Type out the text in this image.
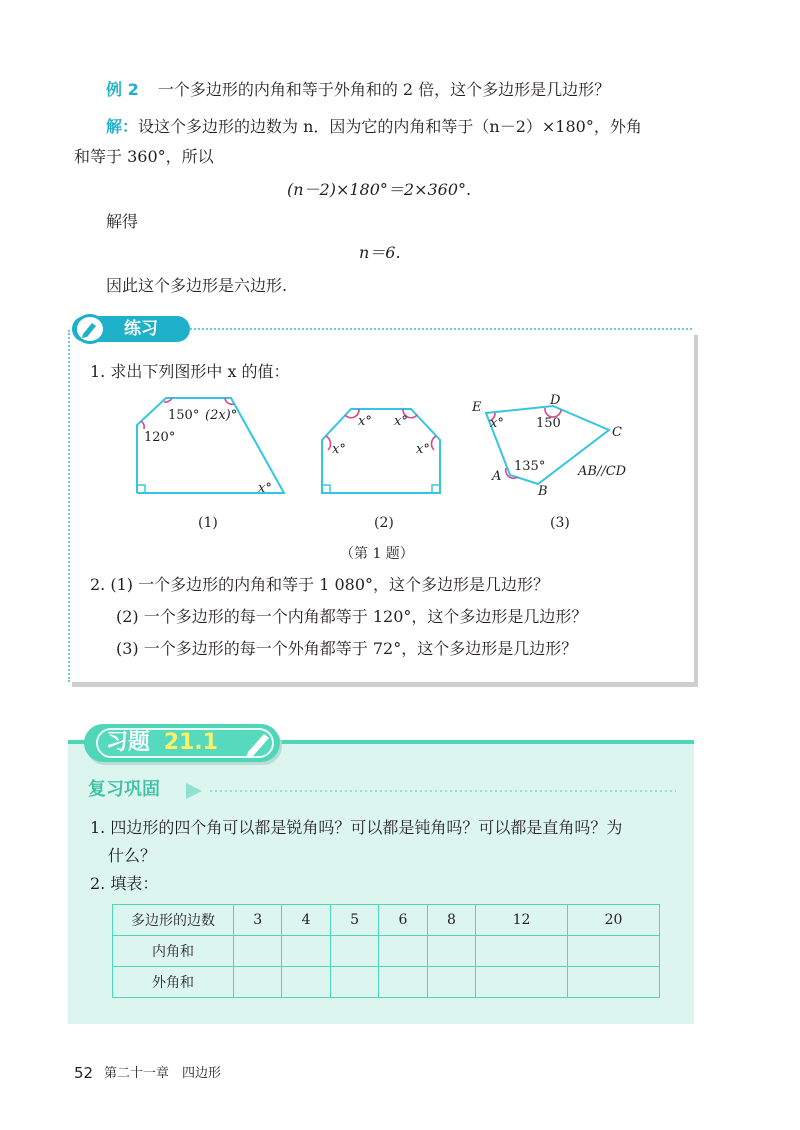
例 2 一个多边形的内角和等于外角和的 2 倍，这个多边形是几边形？
解：设这个多边形的边数为 n．因为它的内角和等于（n－2）×180°，外角
和等于 360°，所以
(n－2)×180°＝2×360°.
解得
n＝6.
因此这个多边形是六边形.
练习
1. 求出下列图形中 x 的值：
150° (2x)°
120°
x°
(1)
x° x°
x°	x°
(2)
E	D
C
A
B
x° 150
135°	AB//CD
(3)
（第 1 题）
2. (1) 一个多边形的内角和等于 1 080°，这个多边形是几边形？
(2) 一个多边形的每一个内角都等于 120°，这个多边形是几边形？
(3) 一个多边形的每一个外角都等于 72°，这个多边形是几边形？
习题 21.1
复习巩固
1. 四边形的四个角可以都是锐角吗？可以都是钝角吗？可以都是直角吗？为
什么？
2. 填表：
多边形的边数	3	4	5	6	8	12	20
内角和							
外角和							
52 第二十一章　四边形
